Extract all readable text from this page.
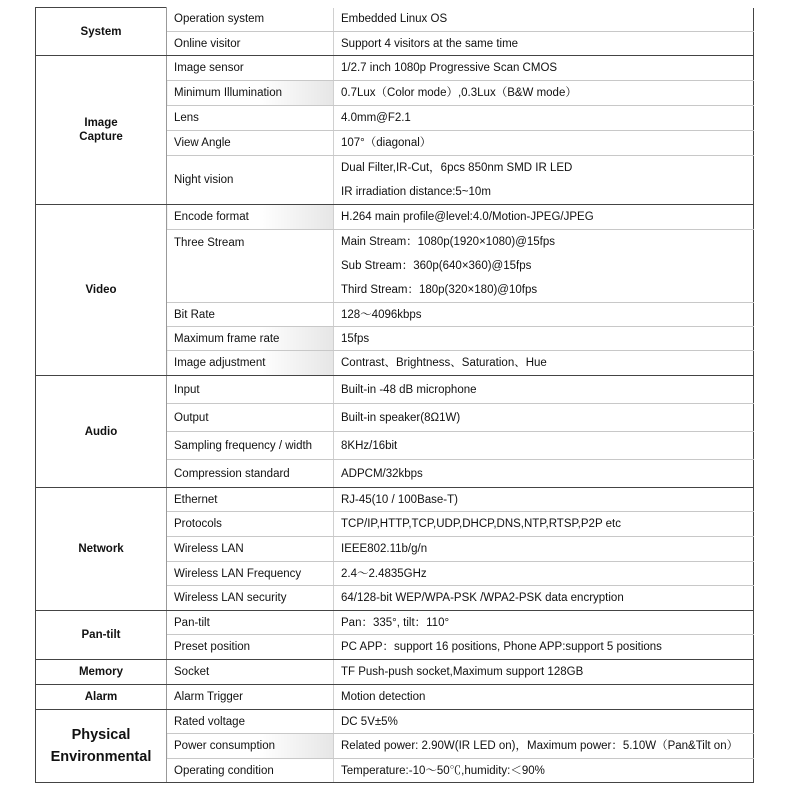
System	Operation system	Embedded Linux OS

	Online visitor	Support 4 visitors at the same time

Image
Capture	Image sensor	1/2.7 inch 1080p Progressive Scan CMOS

	Minimum Illumination	0.7Lux（Color mode）,0.3Lux（B&W mode）

	Lens	4.0mm@F2.1

	View Angle	107°（diagonal）

	Night vision	Dual Filter,IR-Cut，6pcs 850nm SMD IR LED
IR irradiation distance:5~10m

Video	Encode format	H.264 main profile@level:4.0/Motion-JPEG/JPEG

	Three Stream	Main Stream：1080p(1920×1080)@15fps
Sub Stream：360p(640×360)@15fps
Third Stream：180p(320×180)@10fps

	Bit Rate	128～4096kbps

	Maximum frame rate	15fps

	Image adjustment	Contrast、Brightness、Saturation、Hue

Audio	Input	Built-in -48 dB microphone

	Output	Built-in speaker(8Ω1W)

	Sampling frequency / width	8KHz/16bit

	Compression standard	ADPCM/32kbps

Network	Ethernet	RJ-45(10 / 100Base-T)

	Protocols	TCP/IP,HTTP,TCP,UDP,DHCP,DNS,NTP,RTSP,P2P etc

	Wireless LAN	IEEE802.11b/g/n

	Wireless LAN Frequency	2.4～2.4835GHz

	Wireless LAN security	64/128-bit WEP/WPA-PSK /WPA2-PSK data encryption

Pan-tilt	Pan-tilt	Pan：335°, tilt：110°

	Preset position	PC APP：support 16 positions, Phone APP:support 5 positions

Memory	Socket	TF Push-push socket,Maximum support 128GB

Alarm	Alarm Trigger	Motion detection

Physical
Environmental	Rated voltage	DC 5V±5%

	Power consumption	Related power: 2.90W(IR LED on)，Maximum power：5.10W（Pan&Tilt on）

	Operating condition	Temperature:-10～50℃,humidity:＜90%
